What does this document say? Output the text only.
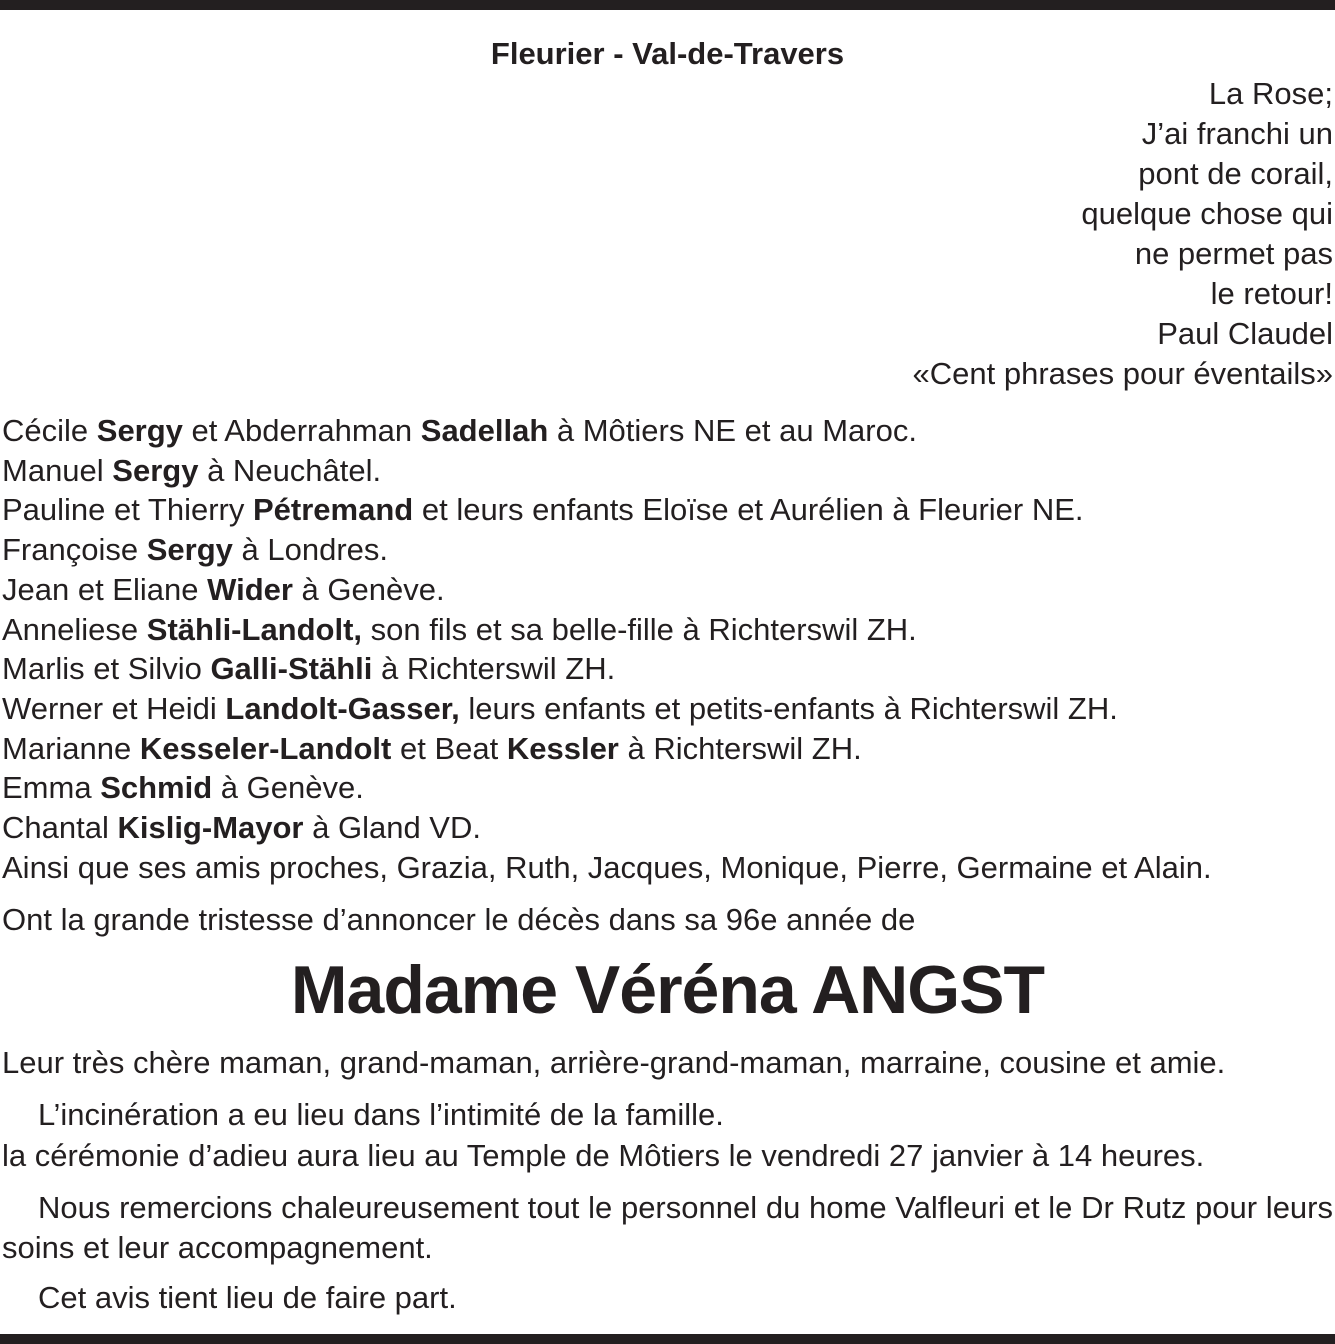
Fleurier - Val-de-Travers
La Rose;
J’ai franchi un
pont de corail,
quelque chose qui
ne permet pas
le retour!
Paul Claudel
«Cent phrases pour éventails»
Cécile Sergy et Abderrahman Sadellah à Môtiers NE et au Maroc.
Manuel Sergy à Neuchâtel.
Pauline et Thierry Pétremand et leurs enfants Eloïse et Aurélien à Fleurier NE.
Françoise Sergy à Londres.
Jean et Eliane Wider à Genève.
Anneliese Stähli-Landolt, son fils et sa belle-fille à Richterswil ZH.
Marlis et Silvio Galli-Stähli à Richterswil ZH.
Werner et Heidi Landolt-Gasser, leurs enfants et petits-enfants à Richterswil ZH.
Marianne Kesseler-Landolt et Beat Kessler à Richterswil ZH.
Emma Schmid à Genève.
Chantal Kislig-Mayor à Gland VD.
Ainsi que ses amis proches, Grazia, Ruth, Jacques, Monique, Pierre, Germaine et Alain.
Ont la grande tristesse d’annoncer le décès dans sa 96e année de
Madame Véréna ANGST
Leur très chère maman, grand-maman, arrière-grand-maman, marraine, cousine et amie.
L’incinération a eu lieu dans l’intimité de la famille.
la cérémonie d’adieu aura lieu au Temple de Môtiers le vendredi 27 janvier à 14 heures.
Nous remercions chaleureusement tout le personnel du home Valfleuri et le Dr Rutz pour leurs soins et leur accompagnement.
Cet avis tient lieu de faire part.
